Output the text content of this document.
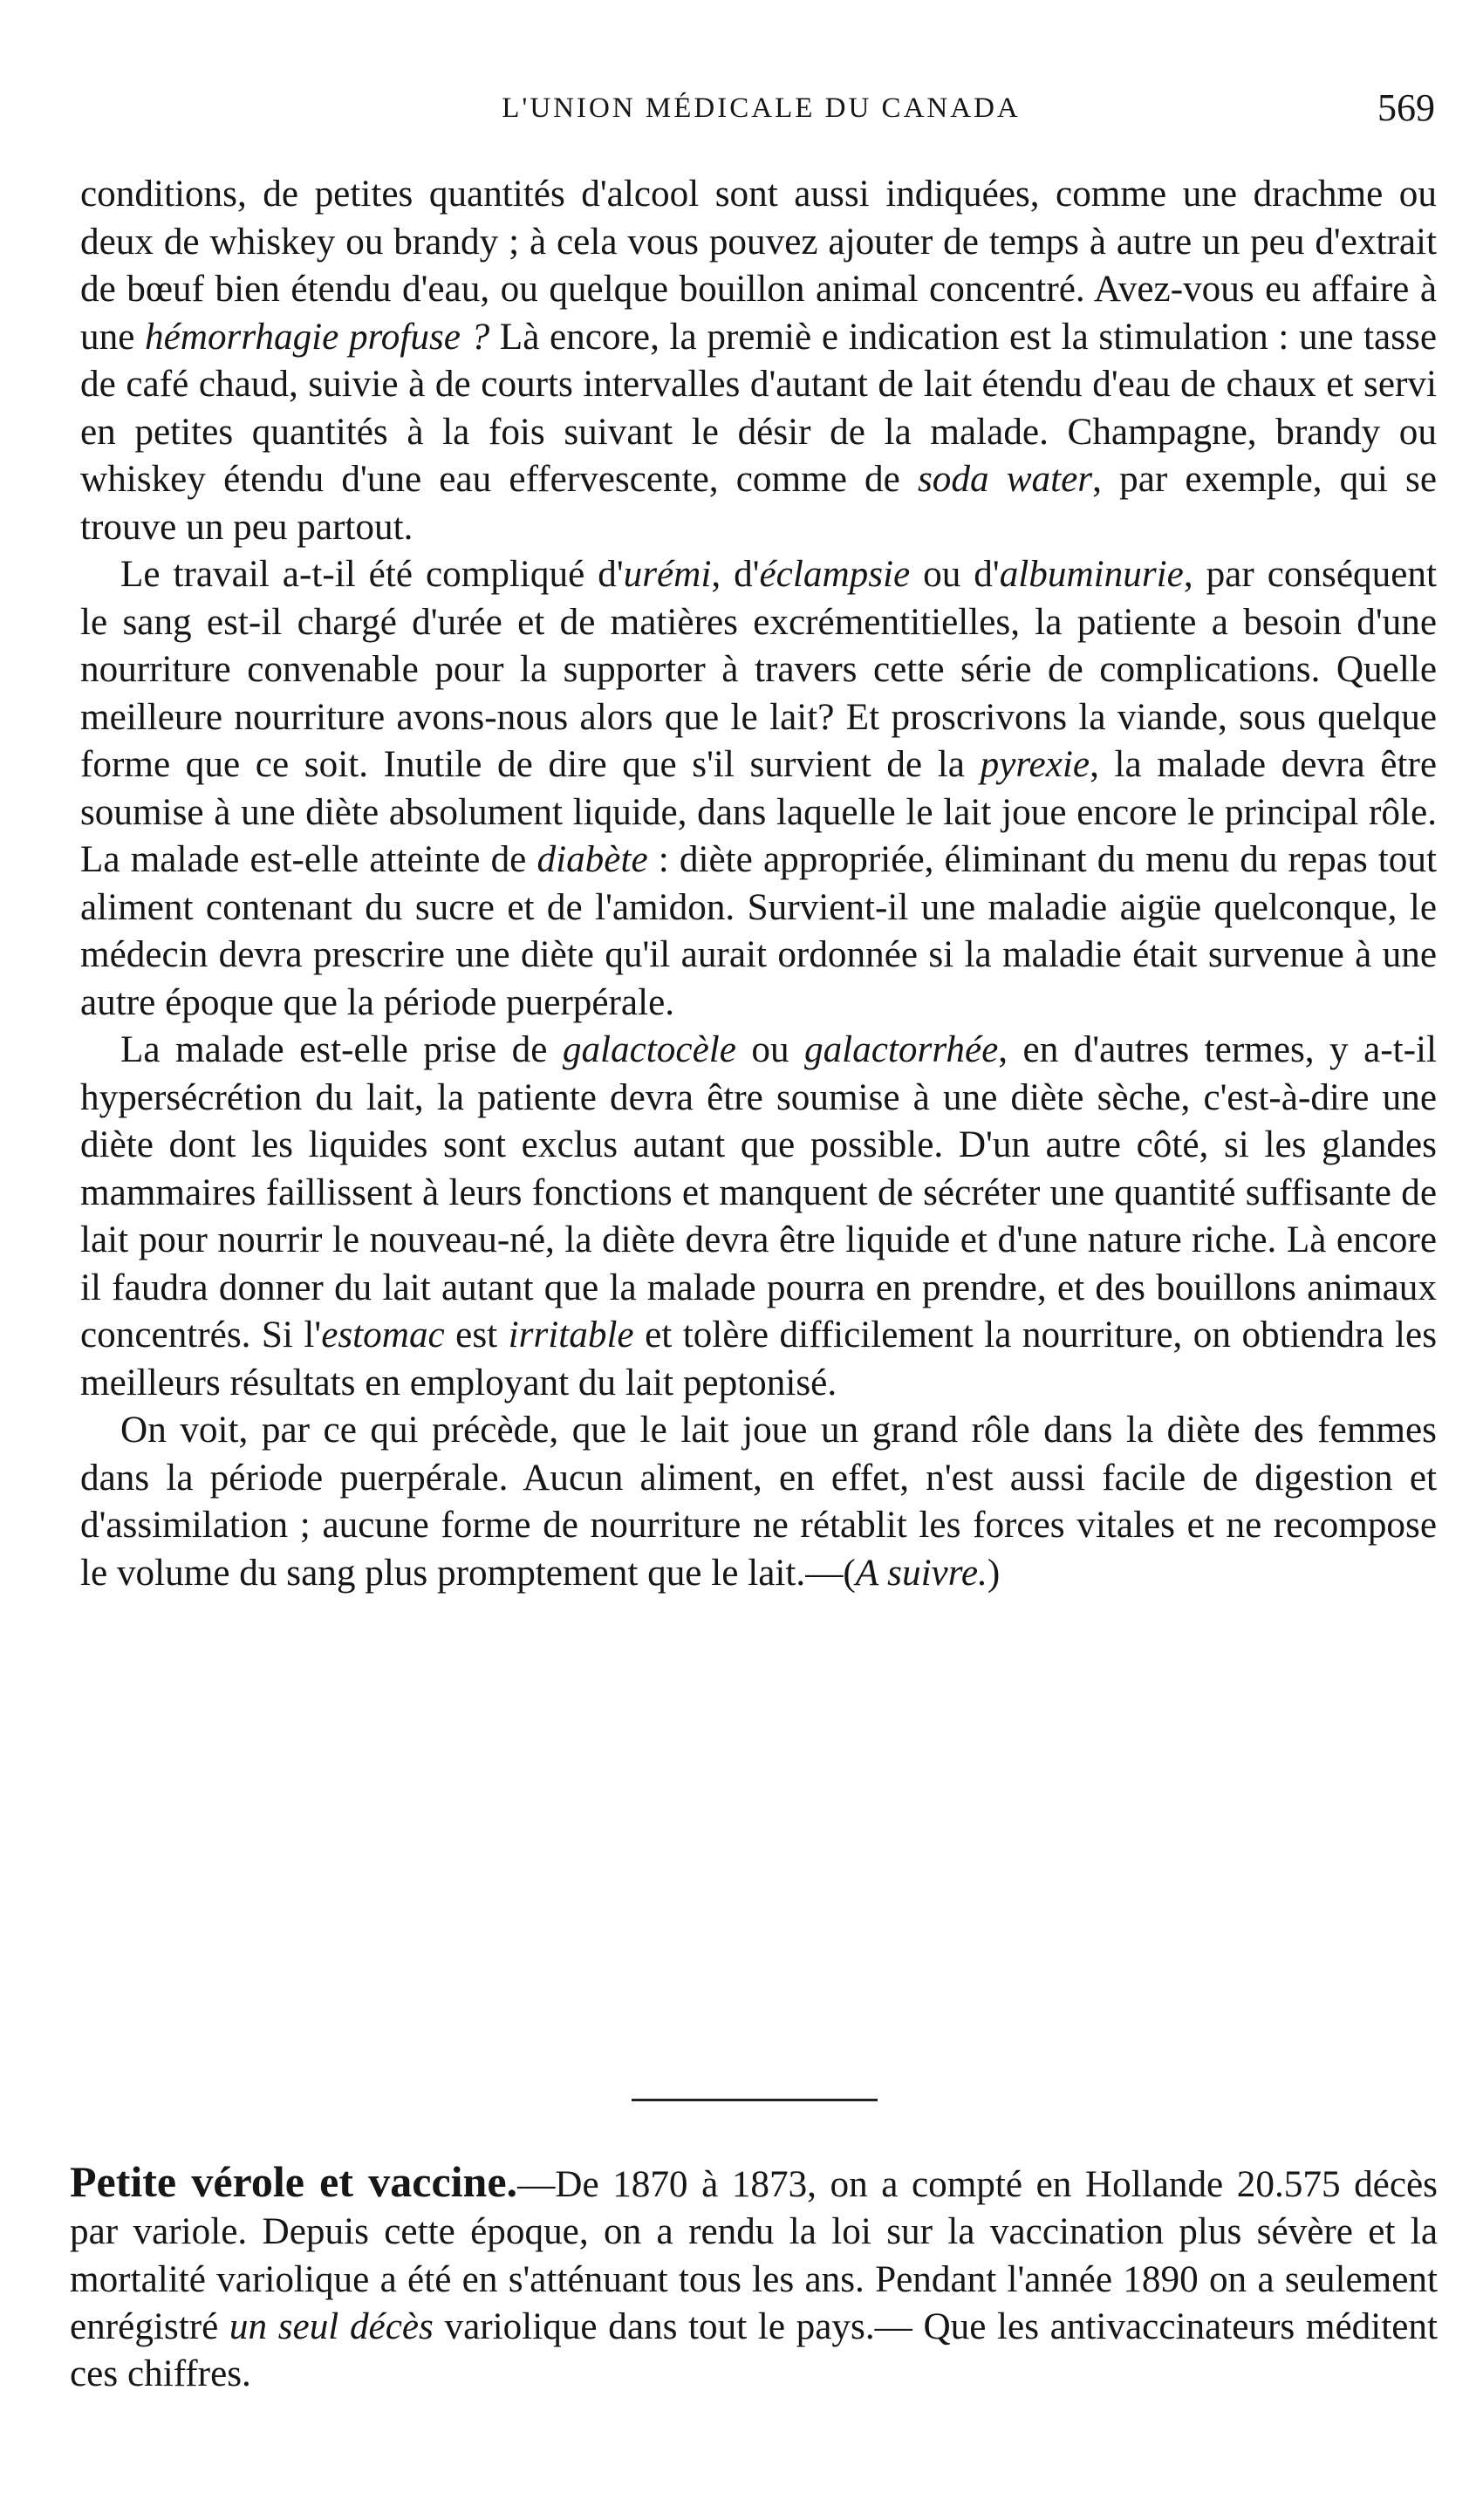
L'UNION MÉDICALE DU CANADA	569

conditions, de petites quantités d'alcool sont aussi indiquées, comme une drachme ou deux de whiskey ou brandy ; à cela vous pouvez ajouter de temps à autre un peu d'extrait de bœuf bien étendu d'eau, ou quelque bouillon animal concentré. Avez-vous eu affaire à une hémorrhagie profuse ? Là encore, la premiè e indication est la stimulation : une tasse de café chaud, suivie à de courts intervalles d'autant de lait étendu d'eau de chaux et servi en petites quantités à la fois suivant le désir de la malade. Champagne, brandy ou whiskey étendu d'une eau effervescente, comme de soda water, par exemple, qui se trouve un peu partout.

Le travail a-t-il été compliqué d'urémi, d'éclampsie ou d'albuminurie, par conséquent le sang est-il chargé d'urée et de matières excrémentitielles, la patiente a besoin d'une nourriture convenable pour la supporter à travers cette série de complications. Quelle meilleure nourriture avons-nous alors que le lait? Et proscrivons la viande, sous quelque forme que ce soit. Inutile de dire que s'il survient de la pyrexie, la malade devra être soumise à une diète absolument liquide, dans laquelle le lait joue encore le principal rôle. La malade est-elle atteinte de diabète : diète appropriée, éliminant du menu du repas tout aliment contenant du sucre et de l'amidon. Survient-il une maladie aigüe quelconque, le médecin devra prescrire une diète qu'il aurait ordonnée si la maladie était survenue à une autre époque que la période puerpérale.

La malade est-elle prise de galactocèle ou galactorrhée, en d'autres termes, y a-t-il hypersécrétion du lait, la patiente devra être soumise à une diète sèche, c'est-à-dire une diète dont les liquides sont exclus autant que possible. D'un autre côté, si les glandes mammaires faillissent à leurs fonctions et manquent de sécréter une quantité suffisante de lait pour nourrir le nouveau-né, la diète devra être liquide et d'une nature riche. Là encore il faudra donner du lait autant que la malade pourra en prendre, et des bouillons animaux concentrés. Si l'estomac est irritable et tolère difficilement la nourriture, on obtiendra les meilleurs résultats en employant du lait peptonisé.

On voit, par ce qui précède, que le lait joue un grand rôle dans la diète des femmes dans la période puerpérale. Aucun aliment, en effet, n'est aussi facile de digestion et d'assimilation ; aucune forme de nourriture ne rétablit les forces vitales et ne recompose le volume du sang plus promptement que le lait.—(A suivre.)

Petite vérole et vaccine.—De 1870 à 1873, on a compté en Hollande 20.575 décès par variole. Depuis cette époque, on a rendu la loi sur la vaccination plus sévère et la mortalité variolique a été en s'atténuant tous les ans. Pendant l'année 1890 on a seulement enrégistré un seul décès variolique dans tout le pays.— Que les antivaccinateurs méditent ces chiffres.
